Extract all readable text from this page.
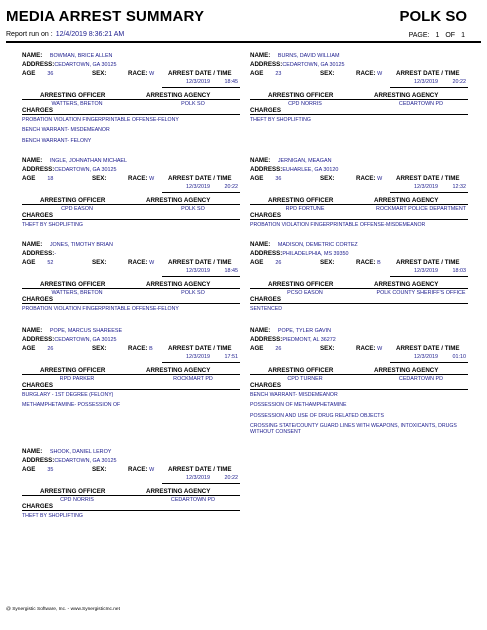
MEDIA ARREST SUMMARY	POLK SO
Report run on : 12/4/2019 8:36:21 AM	PAGE: 1 OF 1
NAME: BOWMAN, BRICE ALLEN
ADDRESS:CEDARTOWN, GA 30125
AGE 36	SEX:	RACE: W ARREST DATE / TIME
12/3/2019	18:45
ARRESTING OFFICER	ARRESTING AGENCY
WATTERS, BRETON	POLK SO
CHARGES
PROBATION VIOLATION FINGERPRINTABLE OFFENSE-FELONY
BENCH WARRANT- MISDEMEANOR
BENCH WARRANT- FELONY
NAME: BURNS, DAVID WILLIAM
ADDRESS:CEDARTOWN, GA 30125
AGE 23	SEX:	RACE: W ARREST DATE / TIME
12/3/2019	20:22
ARRESTING OFFICER	ARRESTING AGENCY
CPD NORRIS	CEDARTOWN PD
CHARGES
THEFT BY SHOPLIFTING
NAME: INGLE, JOHNATHAN MICHAEL
ADDRESS:CEDARTOWN, GA 30125
AGE 18	SEX:	RACE: W ARREST DATE / TIME
12/3/2019	20:22
ARRESTING OFFICER	ARRESTING AGENCY
CPD EASON	POLK SO
CHARGES
THEFT BY SHOPLIFTING
NAME: JERNIGAN, MEAGAN
ADDRESS:EUHARLEE, GA 30120
AGE 36	SEX:	RACE: W ARREST DATE / TIME
12/3/2019	12:32
ARRESTING OFFICER	ARRESTING AGENCY
RPD FORTUNE	ROCKMART POLICE DEPARTMENT
CHARGES
PROBATION VIOLATION FINGERPRINTABLE OFFENSE-MISDEMEANOR
NAME: JONES, TIMOTHY BRIAN
ADDRESS:-
AGE 52	SEX:	RACE: W ARREST DATE / TIME
12/3/2019	18:45
ARRESTING OFFICER	ARRESTING AGENCY
WATTERS, BRETON	POLK SO
CHARGES
PROBATION VIOLATION FINGERPRINTABLE OFFENSE-FELONY
NAME: MADISON, DEMETRIC CORTEZ
ADDRESS:PHILADELPHIA, MS 39350
AGE 26	SEX:	RACE: B ARREST DATE / TIME
12/3/2019	18:03
ARRESTING OFFICER	ARRESTING AGENCY
PCSO EASON	POLK COUNTY SHERIFF'S OFFICE
CHARGES
SENTENCED
NAME: POPE, MARCUS SHAREESE
ADDRESS:CEDARTOWN, GA 30125
AGE 26	SEX:	RACE: B ARREST DATE / TIME
12/3/2019	17:51
ARRESTING OFFICER	ARRESTING AGENCY
RPD PARKER	ROCKMART PD
CHARGES
BURGLARY - 1ST DEGREE (FELONY)
METHAMPHETAMINE- POSSESSION OF
NAME: POPE, TYLER GAVIN
ADDRESS:PIEDMONT, AL 36272
AGE 26	SEX:	RACE: W ARREST DATE / TIME
12/3/2019	01:10
ARRESTING OFFICER	ARRESTING AGENCY
CPD TURNER	CEDARTOWN PD
CHARGES
BENCH WARRANT- MISDEMEANOR
POSSESSION OF METHAMPHETAMINE
POSSESSION AND USE OF DRUG RELATED OBJECTS
CROSSING STATE/COUNTY GUARD LINES WITH WEAPONS, INTOXICANTS, DRUGS WITHOUT CONSENT
NAME: SHOOK, DANIEL LEROY
ADDRESS:CEDARTOWN, GA 30125
AGE 35	SEX:	RACE: W ARREST DATE / TIME
12/3/2019	20:22
ARRESTING OFFICER	ARRESTING AGENCY
CPD NORRIS	CEDARTOWN PD
CHARGES
THEFT BY SHOPLIFTING
@ Synergistic Software, Inc. - www.SynergisticInc.net
